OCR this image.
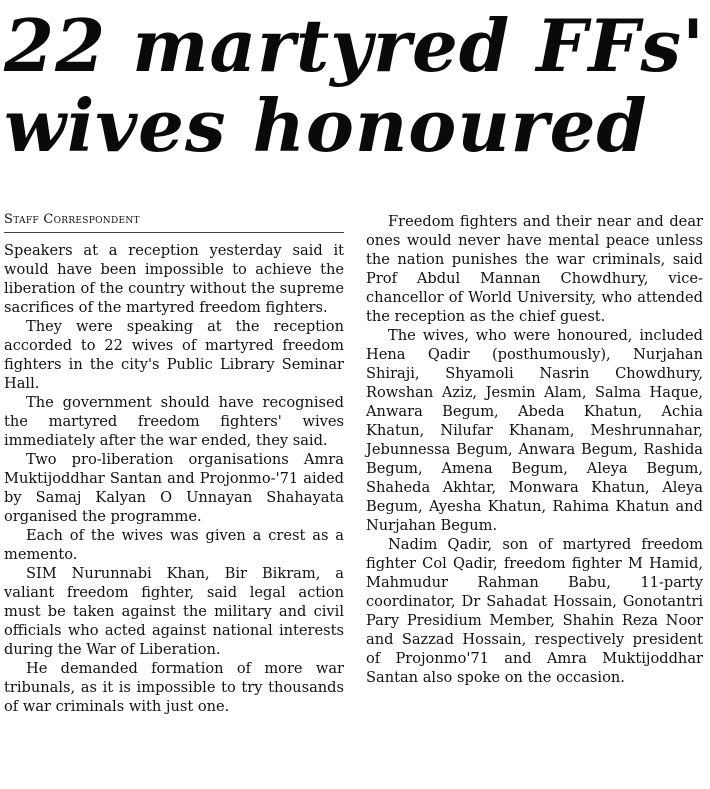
22 martyred FFs'
wives honoured
Staff Correspondent

Speakers at a reception yesterday said it would have been impossible to achieve the liberation of the country without the supreme sacrifices of the martyred freedom fighters.

They were speaking at the reception accorded to 22 wives of martyred freedom fighters in the city's Public Library Seminar Hall.

The government should have recognised the martyred freedom fighters' wives immediately after the war ended, they said.

Two pro-liberation organisations Amra Muktijoddhar Santan and Projonmo-'71 aided by Samaj Kalyan O Unnayan Shahayata organised the programme.

Each of the wives was given a crest as a memento.

SIM Nurunnabi Khan, Bir Bikram, a valiant freedom fighter, said legal action must be taken against the military and civil officials who acted against national interests during the War of Liberation.

He demanded formation of more war tribunals, as it is impossible to try thousands of war criminals with just one.

Freedom fighters and their near and dear ones would never have mental peace unless the nation punishes the war criminals, said Prof Abdul Mannan Chowdhury, vice-chancellor of World University, who attended the reception as the chief guest.

The wives, who were honoured, included Hena Qadir (posthumously), Nurjahan Shiraji, Shyamoli Nasrin Chowdhury, Rowshan Aziz, Jesmin Alam, Salma Haque, Anwara Begum, Abeda Khatun, Achia Khatun, Nilufar Khanam, Meshrunnahar, Jebunnessa Begum, Anwara Begum, Rashida Begum, Amena Begum, Aleya Begum, Shaheda Akhtar, Monwara Khatun, Aleya Begum, Ayesha Khatun, Rahima Khatun and Nurjahan Begum.

Nadim Qadir, son of martyred freedom fighter Col Qadir, freedom fighter M Hamid, Mahmudur Rahman Babu, 11-party coordinator, Dr Sahadat Hossain, Gonotantri Pary Presidium Member, Shahin Reza Noor and Sazzad Hossain, respectively president of Projonmo'71 and Amra Muktijoddhar Santan also spoke on the occasion.
